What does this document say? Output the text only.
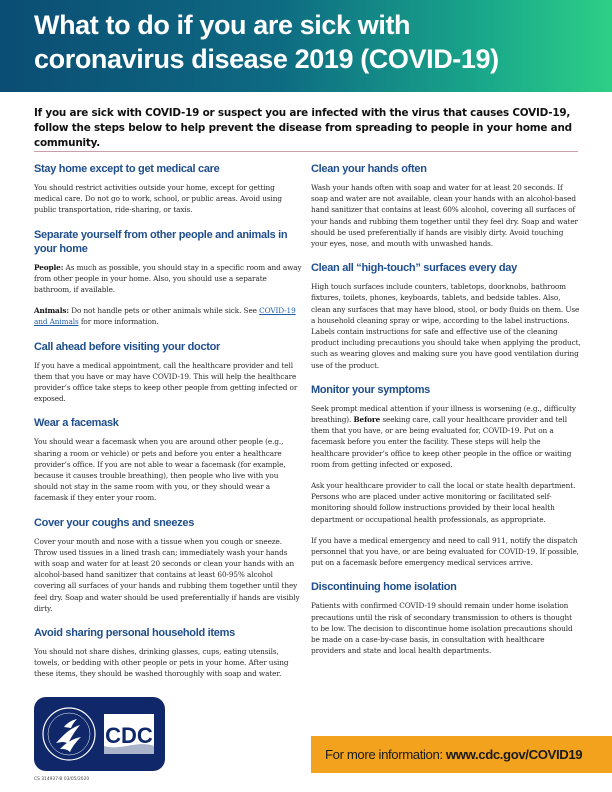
What to do if you are sick with
coronavirus disease 2019 (COVID-19)

If you are sick with COVID-19 or suspect you are infected with the virus that causes COVID-19, follow the steps below to help prevent the disease from spreading to people in your home and community.

Stay home except to get medical care

You should restrict activities outside your home, except for getting medical care. Do not go to work, school, or public areas. Avoid using public transportation, ride-sharing, or taxis.

Separate yourself from other people and animals in your home

People: As much as possible, you should stay in a specific room and away from other people in your home. Also, you should use a separate bathroom, if available.

Animals: Do not handle pets or other animals while sick. See COVID-19 and Animals for more information.

Call ahead before visiting your doctor

If you have a medical appointment, call the healthcare provider and tell them that you have or may have COVID-19. This will help the healthcare provider’s office take steps to keep other people from getting infected or exposed.

Wear a facemask

You should wear a facemask when you are around other people (e.g., sharing a room or vehicle) or pets and before you enter a healthcare provider’s office. If you are not able to wear a facemask (for example, because it causes trouble breathing), then people who live with you should not stay in the same room with you, or they should wear a facemask if they enter your room.

Cover your coughs and sneezes

Cover your mouth and nose with a tissue when you cough or sneeze. Throw used tissues in a lined trash can; immediately wash your hands with soap and water for at least 20 seconds or clean your hands with an alcohol-based hand sanitizer that contains at least 60-95% alcohol covering all surfaces of your hands and rubbing them together until they feel dry. Soap and water should be used preferentially if hands are visibly dirty.

Avoid sharing personal household items

You should not share dishes, drinking glasses, cups, eating utensils, towels, or bedding with other people or pets in your home. After using these items, they should be washed thoroughly with soap and water.

Clean your hands often

Wash your hands often with soap and water for at least 20 seconds. If soap and water are not available, clean your hands with an alcohol-based hand sanitizer that contains at least 60% alcohol, covering all surfaces of your hands and rubbing them together until they feel dry. Soap and water should be used preferentially if hands are visibly dirty. Avoid touching your eyes, nose, and mouth with unwashed hands.

Clean all “high-touch” surfaces every day

High touch surfaces include counters, tabletops, doorknobs, bathroom fixtures, toilets, phones, keyboards, tablets, and bedside tables. Also, clean any surfaces that may have blood, stool, or body fluids on them. Use a household cleaning spray or wipe, according to the label instructions. Labels contain instructions for safe and effective use of the cleaning product including precautions you should take when applying the product, such as wearing gloves and making sure you have good ventilation during use of the product.

Monitor your symptoms

Seek prompt medical attention if your illness is worsening (e.g., difficulty breathing). Before seeking care, call your healthcare provider and tell them that you have, or are being evaluated for, COVID-19. Put on a facemask before you enter the facility. These steps will help the healthcare provider’s office to keep other people in the office or waiting room from getting infected or exposed.

Ask your healthcare provider to call the local or state health department. Persons who are placed under active monitoring or facilitated self-monitoring should follow instructions provided by their local health department or occupational health professionals, as appropriate.

If you have a medical emergency and need to call 911, notify the dispatch personnel that you have, or are being evaluated for COVID-19. If possible, put on a facemask before emergency medical services arrive.

Discontinuing home isolation

Patients with confirmed COVID-19 should remain under home isolation precautions until the risk of secondary transmission to others is thought to be low. The decision to discontinue home isolation precautions should be made on a case-by-case basis, in consultation with healthcare providers and state and local health departments.

CDC
For more information: www.cdc.gov/COVID19
CS 314937-B 03/05/2020
